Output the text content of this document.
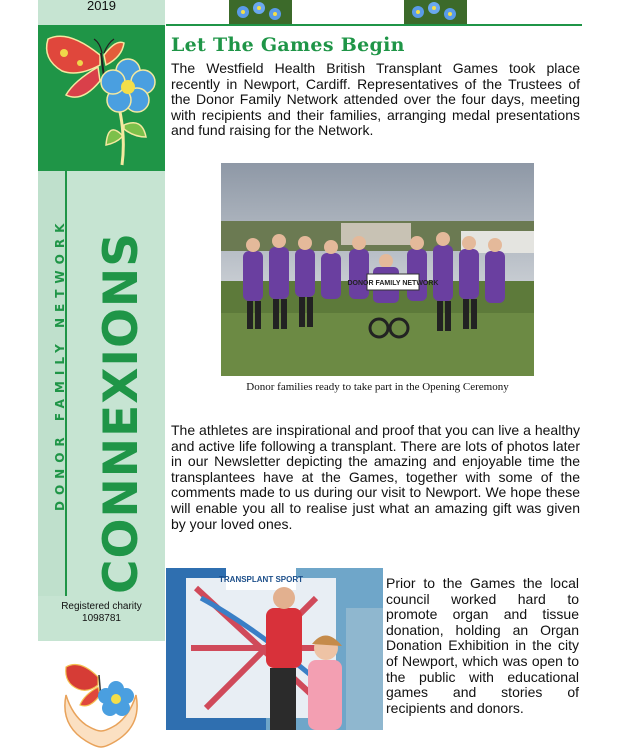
2019
DONOR FAMILY NETWORK CONNEXIONS
Registered charity
1098781
Let The Games Begin
The Westfield Health British Transplant Games took place recently in Newport, Cardiff. Representatives of the Trustees of the Donor Family Network attended over the four days, meeting with recipients and their families, arranging medal presentations and fund raising for the Network.
DONOR FAMILY NETWORK
Donor families ready to take part in the Opening Ceremony
The athletes are inspirational and proof that you can live a healthy and active life following a transplant. There are lots of photos later in our Newsletter depicting the amazing and enjoyable time the transplantees have at the Games, together with some of the comments made to us during our visit to Newport. We hope these will enable you all to realise just what an amazing gift was given by your loved ones.
TRANSPLANT SPORT	Prior to the Games the local council worked hard to promote organ and tissue donation, holding an Organ Donation Exhibition in the city of Newport, which was open to the public with educational games and stories of recipients and donors.
